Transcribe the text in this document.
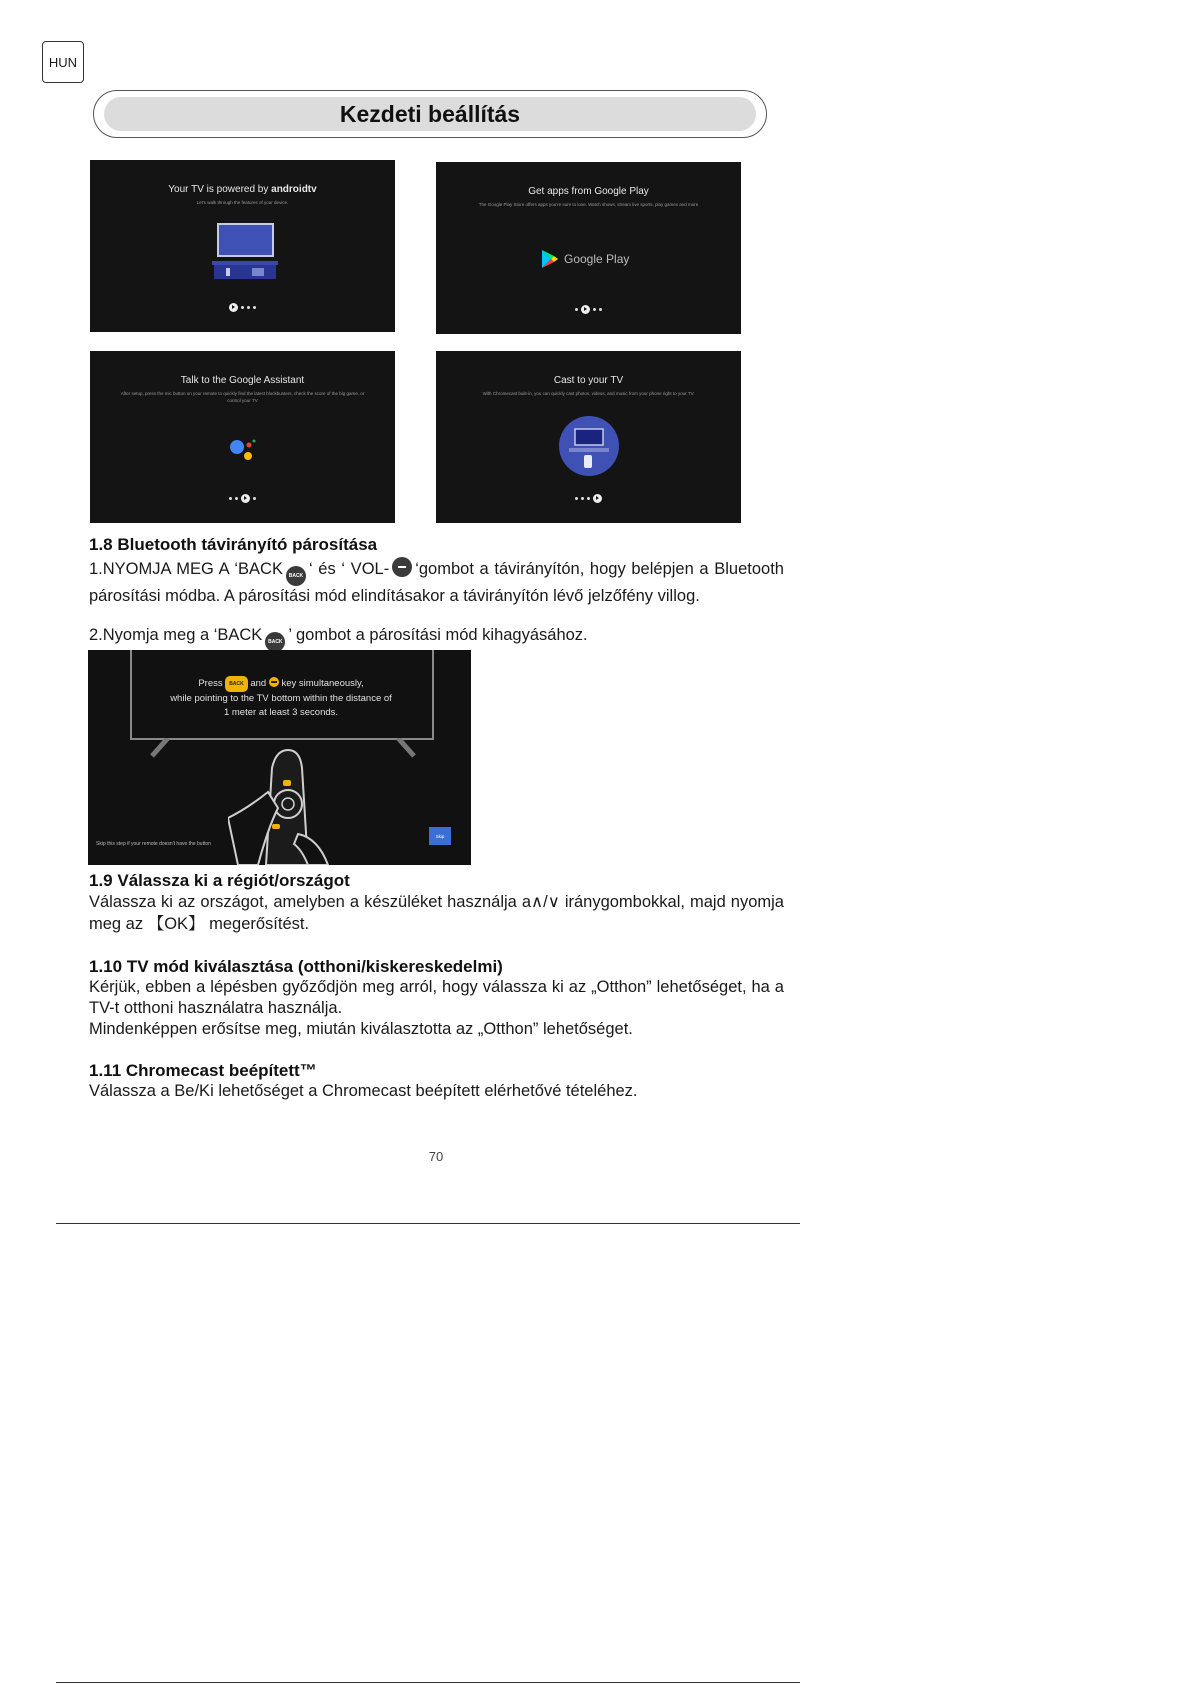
HUN
Kezdeti beállítás
Your TV is powered by androidtv
Let's walk through the features of your device.
Get apps from Google Play
The Google Play Store offers apps you're sure to love. Watch shows, stream live sports, play games and more
Google Play
Talk to the Google Assistant
After setup, press the mic button on your remote to quickly find the latest blockbusters, check the score of the big game, or control your TV
Cast to your TV
With Chromecast built-in, you can quickly cast photos, videos, and music from your phone right to your TV.
1.8 Bluetooth távirányító párosítása
1.NYOMJA MEG A ‘BACK BACK ‘ és ‘ VOL- ‘gombot a távirányítón, hogy belépjen a Bluetooth párosítási módba. A párosítási mód elindításakor a távirányítón lévő jelzőfény villog.
2.Nyomja meg a ‘BACK BACK ’ gombot a párosítási mód kihagyásához.
Press BACK and key simultaneously,
while pointing to the TV bottom within the distance of
1 meter at least 3 seconds.
Skip this step if your remote doesn't have the button
Skip
1.9 Válassza ki a régiót/országot
Válassza ki az országot, amelyben a készüléket használja a∧/∨ iránygombokkal, majd nyomja meg az 【OK】 megerősítést.
1.10 TV mód kiválasztása (otthoni/kiskereskedelmi)
Kérjük, ebben a lépésben győződjön meg arról, hogy válassza ki az „Otthon” lehetőséget, ha a TV-t otthoni használatra használja.
Mindenképpen erősítse meg, miután kiválasztotta az „Otthon” lehetőséget.
1.11 Chromecast beépített™
Válassza a Be/Ki lehetőséget a Chromecast beépített elérhetővé tételéhez.
70
